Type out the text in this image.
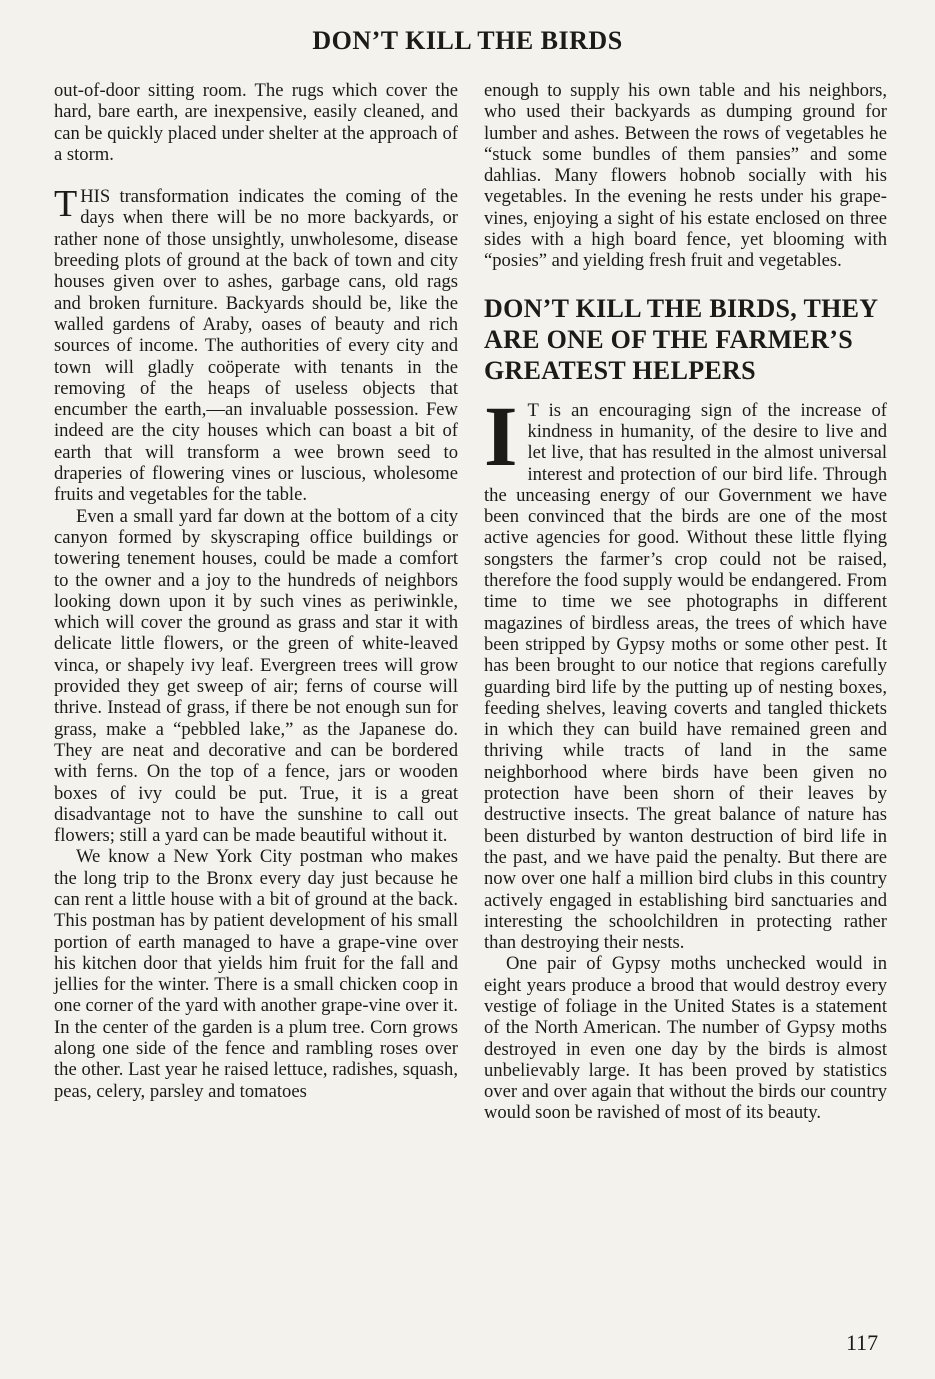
DON’T KILL THE BIRDS

out-of-door sitting room. The rugs which cover the hard, bare earth, are inexpensive, easily cleaned, and can be quickly placed under shelter at the approach of a storm.

THIS transformation indicates the coming of the days when there will be no more backyards, or rather none of those unsightly, unwholesome, disease breeding plots of ground at the back of town and city houses given over to ashes, garbage cans, old rags and broken furniture. Backyards should be, like the walled gardens of Araby, oases of beauty and rich sources of income. The authorities of every city and town will gladly coöperate with tenants in the removing of the heaps of useless objects that encumber the earth,—an invaluable possession. Few indeed are the city houses which can boast a bit of earth that will transform a wee brown seed to draperies of flowering vines or luscious, wholesome fruits and vegetables for the table.

Even a small yard far down at the bottom of a city canyon formed by skyscraping office buildings or towering tenement houses, could be made a comfort to the owner and a joy to the hundreds of neighbors looking down upon it by such vines as periwinkle, which will cover the ground as grass and star it with delicate little flowers, or the green of white-leaved vinca, or shapely ivy leaf. Evergreen trees will grow provided they get sweep of air; ferns of course will thrive. Instead of grass, if there be not enough sun for grass, make a “pebbled lake,” as the Japanese do. They are neat and decorative and can be bordered with ferns. On the top of a fence, jars or wooden boxes of ivy could be put. True, it is a great disadvantage not to have the sunshine to call out flowers; still a yard can be made beautiful without it.

We know a New York City postman who makes the long trip to the Bronx every day just because he can rent a little house with a bit of ground at the back. This postman has by patient development of his small portion of earth managed to have a grape-vine over his kitchen door that yields him fruit for the fall and jellies for the winter. There is a small chicken coop in one corner of the yard with another grape-vine over it. In the center of the garden is a plum tree. Corn grows along one side of the fence and rambling roses over the other. Last year he raised lettuce, radishes, squash, peas, celery, parsley and tomatoes

enough to supply his own table and his neighbors, who used their backyards as dumping ground for lumber and ashes. Between the rows of vegetables he “stuck some bundles of them pansies” and some dahlias. Many flowers hobnob socially with his vegetables. In the evening he rests under his grape-vines, enjoying a sight of his estate enclosed on three sides with a high board fence, yet blooming with “posies” and yielding fresh fruit and vegetables.

DON’T KILL THE BIRDS, THEY ARE ONE OF THE FARMER’S GREATEST HELPERS

I T is an encouraging sign of the increase of kindness in humanity, of the desire to live and let live, that has resulted in the almost universal interest and protection of our bird life. Through the unceasing energy of our Government we have been convinced that the birds are one of the most active agencies for good. Without these little flying songsters the farmer’s crop could not be raised, therefore the food supply would be endangered. From time to time we see photographs in different magazines of birdless areas, the trees of which have been stripped by Gypsy moths or some other pest. It has been brought to our notice that regions carefully guarding bird life by the putting up of nesting boxes, feeding shelves, leaving coverts and tangled thickets in which they can build have remained green and thriving while tracts of land in the same neighborhood where birds have been given no protection have been shorn of their leaves by destructive insects. The great balance of nature has been disturbed by wanton destruction of bird life in the past, and we have paid the penalty. But there are now over one half a million bird clubs in this country actively engaged in establishing bird sanctuaries and interesting the schoolchildren in protecting rather than destroying their nests.

One pair of Gypsy moths unchecked would in eight years produce a brood that would destroy every vestige of foliage in the United States is a statement of the North American. The number of Gypsy moths destroyed in even one day by the birds is almost unbelievably large. It has been proved by statistics over and over again that without the birds our country would soon be ravished of most of its beauty.

117
